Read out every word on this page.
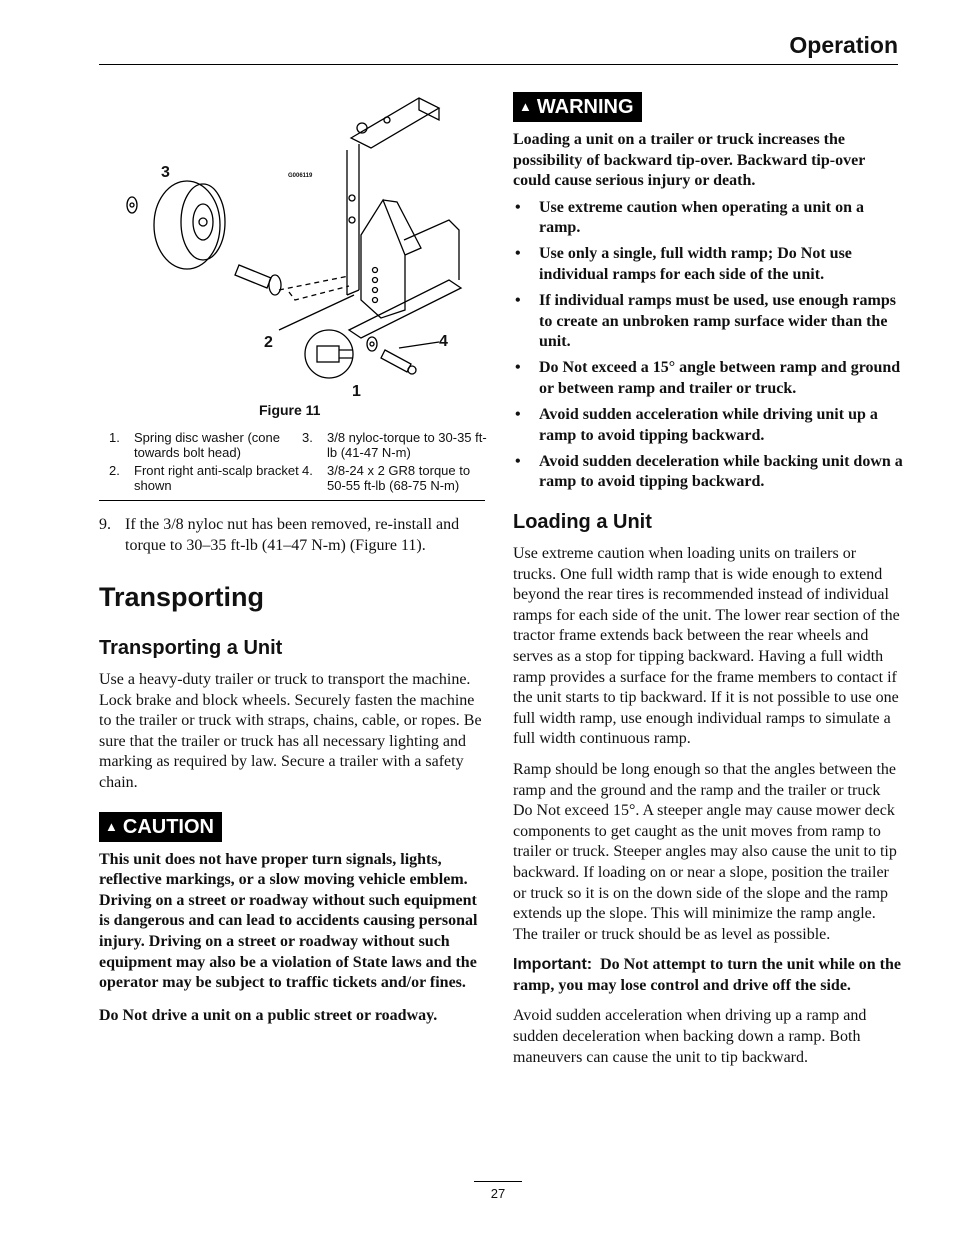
Operation
3
2	4
1
G006119
Figure 11
1. Spring disc washer (cone towards bolt head)
2. Front right anti-scalp bracket shown
3. 3/8 nyloc-torque to 30-35 ft-lb (41-47 N-m)
4. 3/8-24 x 2 GR8 torque to 50-55 ft-lb (68-75 N-m)
9. If the 3/8 nyloc nut has been removed, re-install and torque to 30–35 ft-lb (41–47 N-m) (Figure 11).
Transporting
Transporting a Unit

Use a heavy-duty trailer or truck to transport the machine. Lock brake and block wheels. Securely fasten the machine to the trailer or truck with straps, chains, cable, or ropes. Be sure that the trailer or truck has all necessary lighting and marking as required by law. Secure a trailer with a safety chain.

▲ CAUTION

This unit does not have proper turn signals, lights, reflective markings, or a slow moving vehicle emblem. Driving on a street or roadway without such equipment is dangerous and can lead to accidents causing personal injury. Driving on a street or roadway without such equipment may also be a violation of State laws and the operator may be subject to traffic tickets and/or fines.

Do Not drive a unit on a public street or roadway.

▲ WARNING

Loading a unit on a trailer or truck increases the possibility of backward tip-over. Backward tip-over could cause serious injury or death.

• Use extreme caution when operating a unit on a ramp.
• Use only a single, full width ramp; Do Not use individual ramps for each side of the unit.
• If individual ramps must be used, use enough ramps to create an unbroken ramp surface wider than the unit.
• Do Not exceed a 15° angle between ramp and ground or between ramp and trailer or truck.
• Avoid sudden acceleration while driving unit up a ramp to avoid tipping backward.
• Avoid sudden deceleration while backing unit down a ramp to avoid tipping backward.
Loading a Unit

Use extreme caution when loading units on trailers or trucks. One full width ramp that is wide enough to extend beyond the rear tires is recommended instead of individual ramps for each side of the unit. The lower rear section of the tractor frame extends back between the rear wheels and serves as a stop for tipping backward. Having a full width ramp provides a surface for the frame members to contact if the unit starts to tip backward. If it is not possible to use one full width ramp, use enough individual ramps to simulate a full width continuous ramp.

Ramp should be long enough so that the angles between the ramp and the ground and the ramp and the trailer or truck Do Not exceed 15°. A steeper angle may cause mower deck components to get caught as the unit moves from ramp to trailer or truck. Steeper angles may also cause the unit to tip backward. If loading on or near a slope, position the trailer or truck so it is on the down side of the slope and the ramp extends up the slope. This will minimize the ramp angle. The trailer or truck should be as level as possible.

Important: Do Not attempt to turn the unit while on the ramp, you may lose control and drive off the side.

Avoid sudden acceleration when driving up a ramp and sudden deceleration when backing down a ramp. Both maneuvers can cause the unit to tip backward.

27
